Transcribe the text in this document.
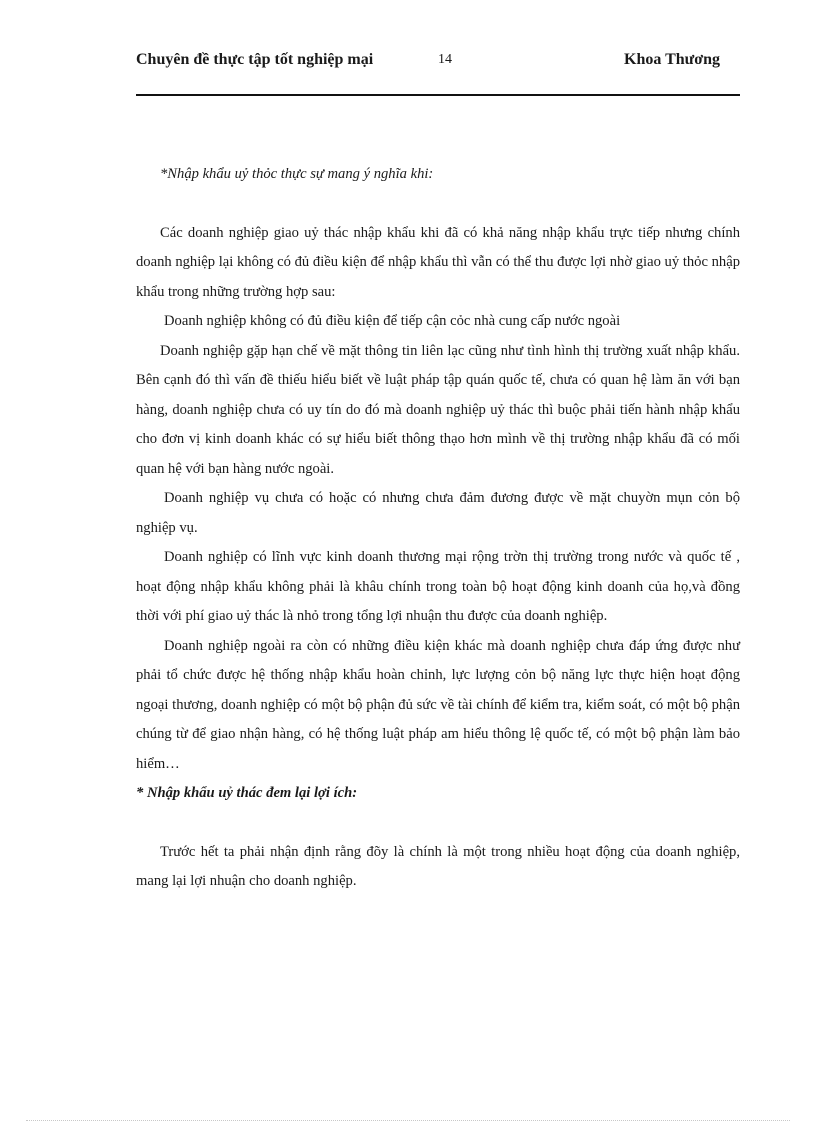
Chuyên đề thực tập tốt nghiệp mại	14	Khoa Thương

*Nhập khẩu uỷ thỏc thực sự mang ý nghĩa khi:

Các doanh nghiệp giao uỷ thác nhập khẩu khi đã có khả năng nhập khẩu trực tiếp nhưng chính doanh nghiệp lại không có đủ điều kiện để nhập khẩu thì vẫn có thể thu được lợi nhờ giao uỷ thỏc nhập khẩu trong những trường hợp sau:

Doanh nghiệp không có đủ điều kiện để tiếp cận cỏc nhà cung cấp nước ngoài

Doanh nghiệp gặp hạn chế về mặt thông tin liên lạc cũng như tình hình thị trường xuất nhập khẩu. Bên cạnh đó thì vấn đề thiếu hiểu biết về luật pháp tập quán quốc tế, chưa có quan hệ làm ăn với bạn hàng, doanh nghiệp chưa có uy tín do đó mà doanh nghiệp uỷ thác thì buộc phải tiến hành nhập khẩu cho đơn vị kinh doanh khác có sự hiểu biết thông thạo hơn mình về thị trường nhập khẩu đã có mối quan hệ với bạn hàng nước ngoài.

Doanh nghiệp vụ chưa có hoặc có nhưng chưa đảm đương được về mặt chuyờn mụn cỏn bộ nghiệp vụ.

Doanh nghiệp có lĩnh vực kinh doanh thương mại rộng trờn thị trường trong nước và quốc tế , hoạt động nhập khẩu không phải là khâu chính trong toàn bộ hoạt động kinh doanh của họ,và đồng thời với phí giao uỷ thác là nhỏ trong tổng lợi nhuận thu được của doanh nghiệp.

Doanh nghiệp ngoài ra còn có những điều kiện khác mà doanh nghiệp chưa đáp ứng được như phải tổ chức được hệ thống nhập khẩu hoàn chỉnh, lực lượng cỏn bộ năng lực thực hiện hoạt động ngoại thương, doanh nghiệp có một bộ phận đủ sức về tài chính để kiểm tra, kiểm soát, có một bộ phận chúng từ để giao nhận hàng, có hệ thống luật pháp am hiểu thông lệ quốc tế, có một bộ phận làm bảo hiểm…

* Nhập khẩu uỷ thác đem lại lợi ích:

Trước hết ta phải nhận định rằng đõy là chính là một trong nhiều hoạt động của doanh nghiệp, mang lại lợi nhuận cho doanh nghiệp.
